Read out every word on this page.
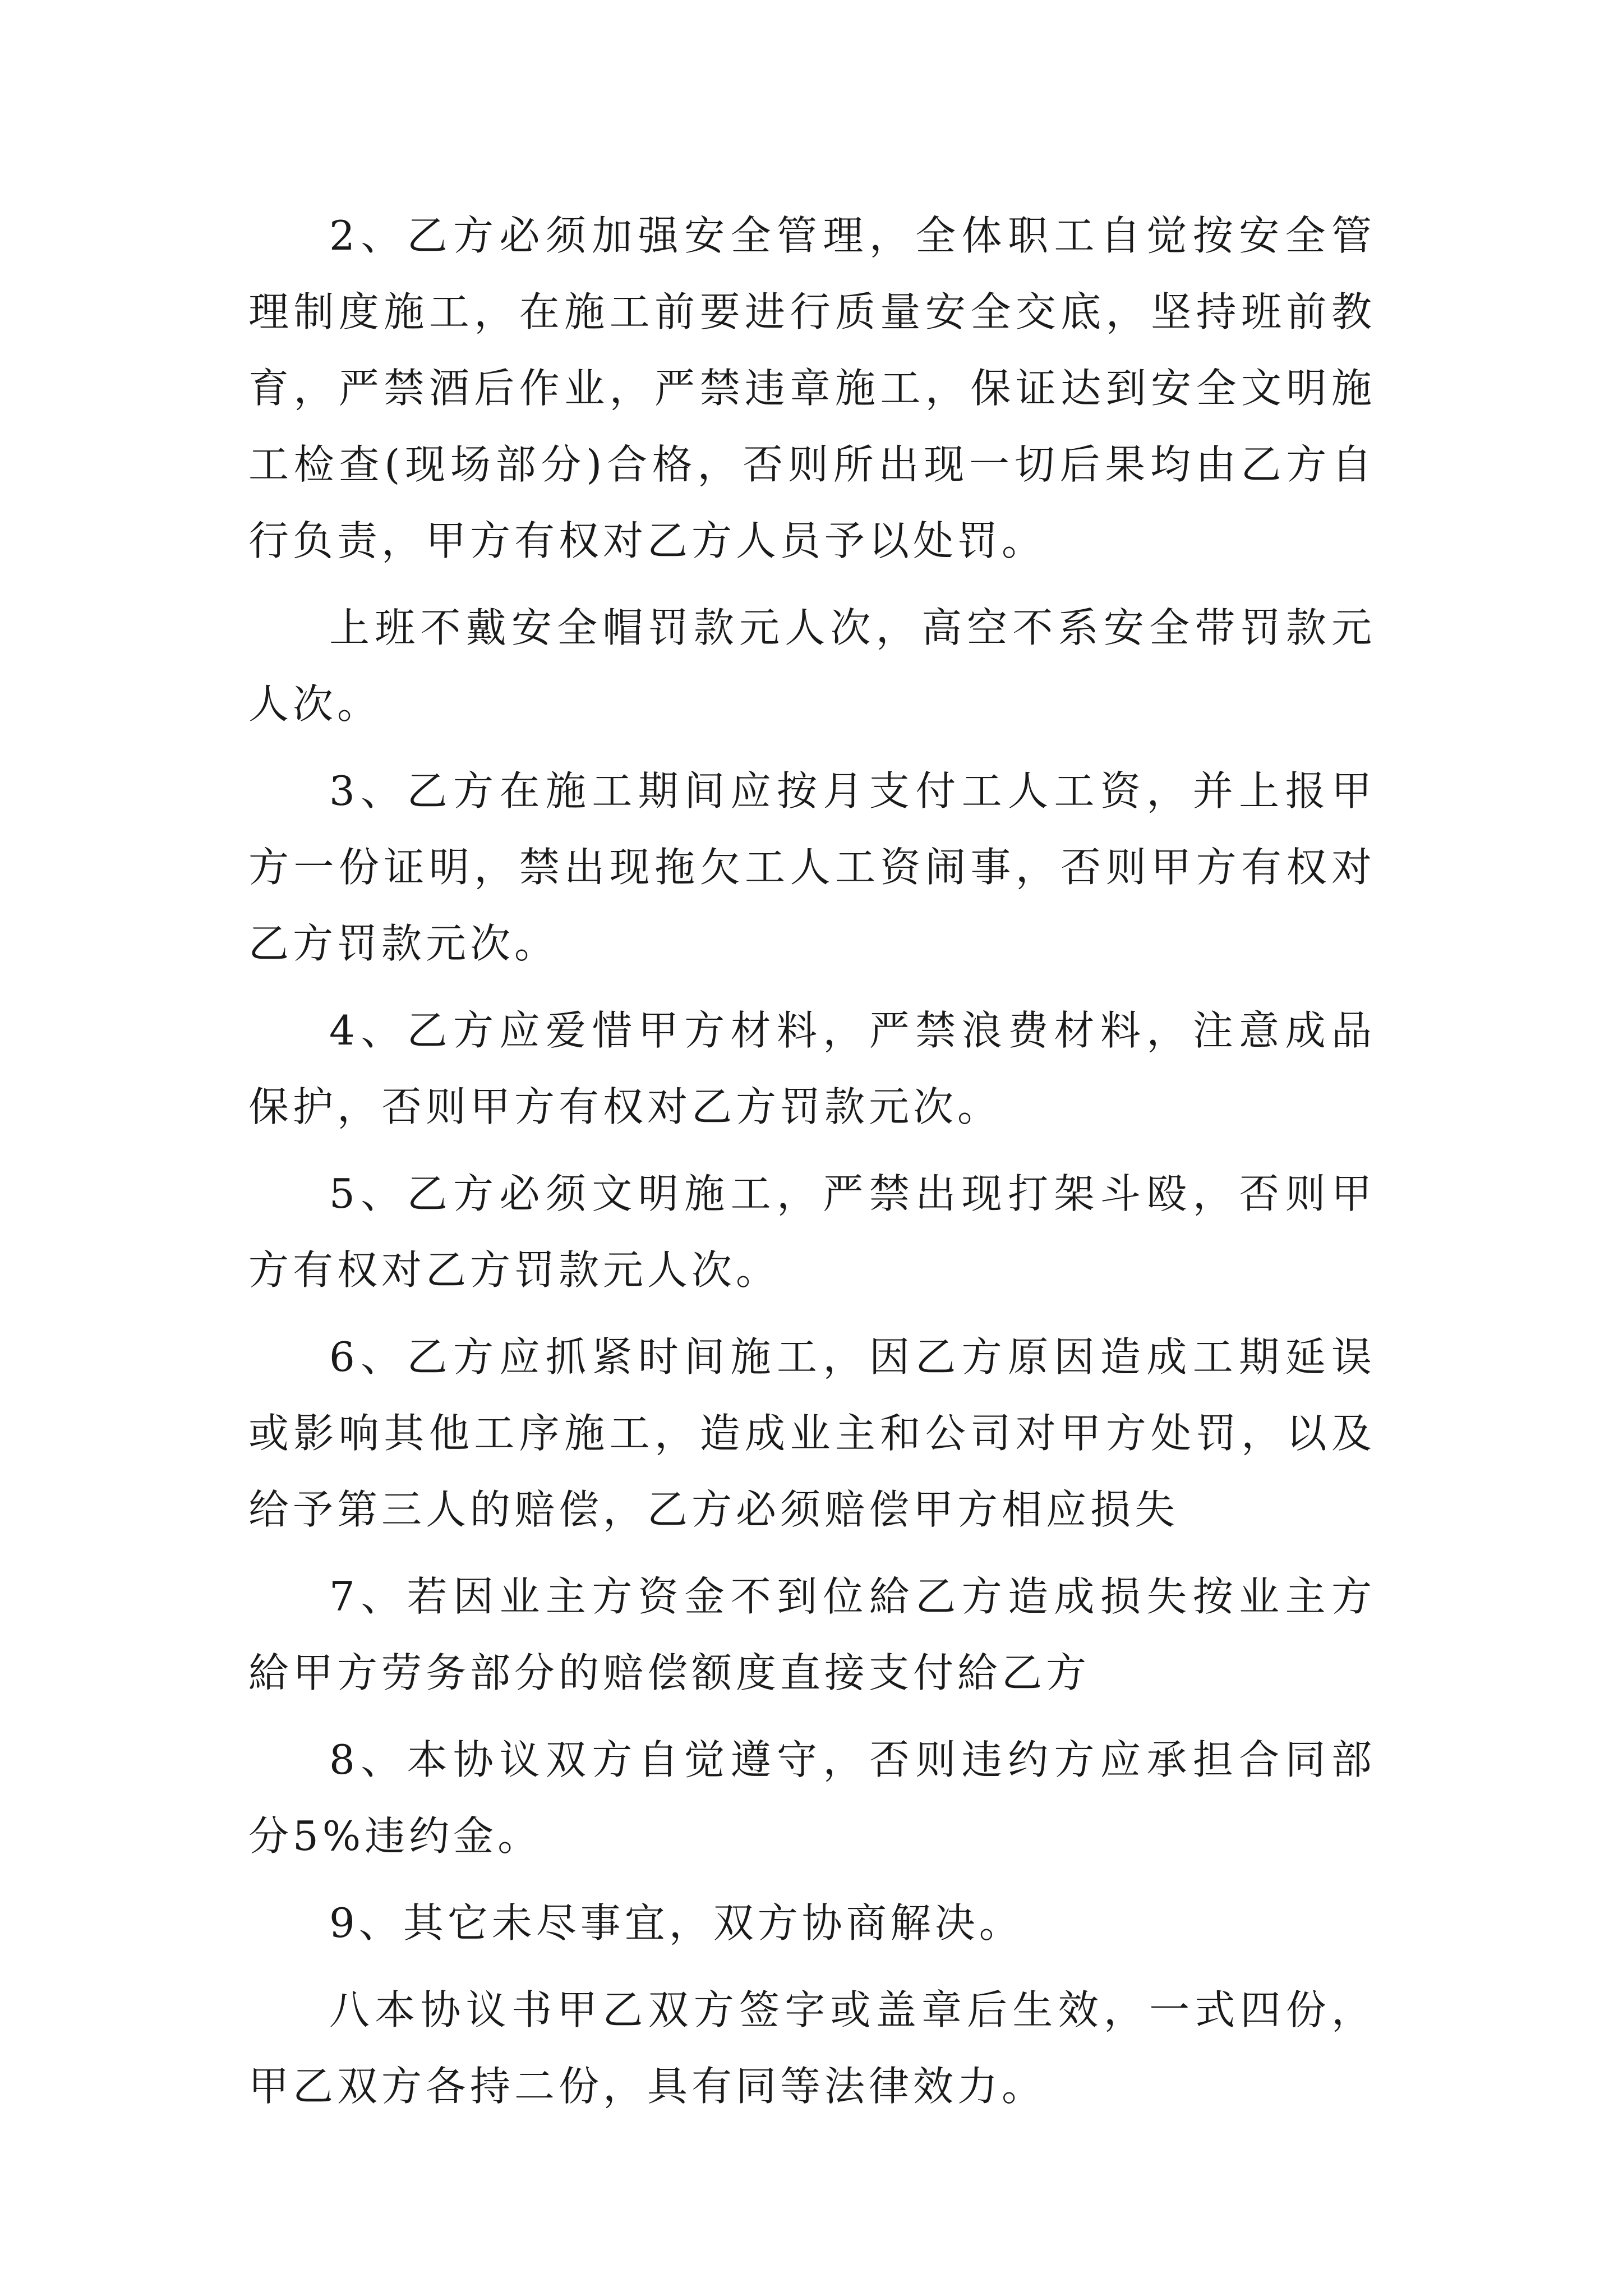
2、乙方必须加强安全管理，全体职工自觉按安全管理制度施工，在施工前要进行质量安全交底，坚持班前教育，严禁酒后作业，严禁违章施工，保证达到安全文明施工检查(现场部分)合格，否则所出现一切后果均由乙方自行负责，甲方有权对乙方人员予以处罚。

上班不戴安全帽罚款元人次，高空不系安全带罚款元人次。

3、乙方在施工期间应按月支付工人工资，并上报甲方一份证明，禁出现拖欠工人工资闹事，否则甲方有权对乙方罚款元次。

4、乙方应爱惜甲方材料，严禁浪费材料，注意成品保护，否则甲方有权对乙方罚款元次。

5、乙方必须文明施工，严禁出现打架斗殴，否则甲方有权对乙方罚款元人次。

6、乙方应抓紧时间施工，因乙方原因造成工期延误或影响其他工序施工，造成业主和公司对甲方处罚，以及给予第三人的赔偿，乙方必须赔偿甲方相应损失

7、若因业主方资金不到位給乙方造成损失按业主方給甲方劳务部分的赔偿额度直接支付給乙方

8、本协议双方自觉遵守，否则违约方应承担合同部分5%违约金。

9、其它未尽事宜，双方协商解决。

八本协议书甲乙双方签字或盖章后生效，一式四份，甲乙双方各持二份，具有同等法律效力。
